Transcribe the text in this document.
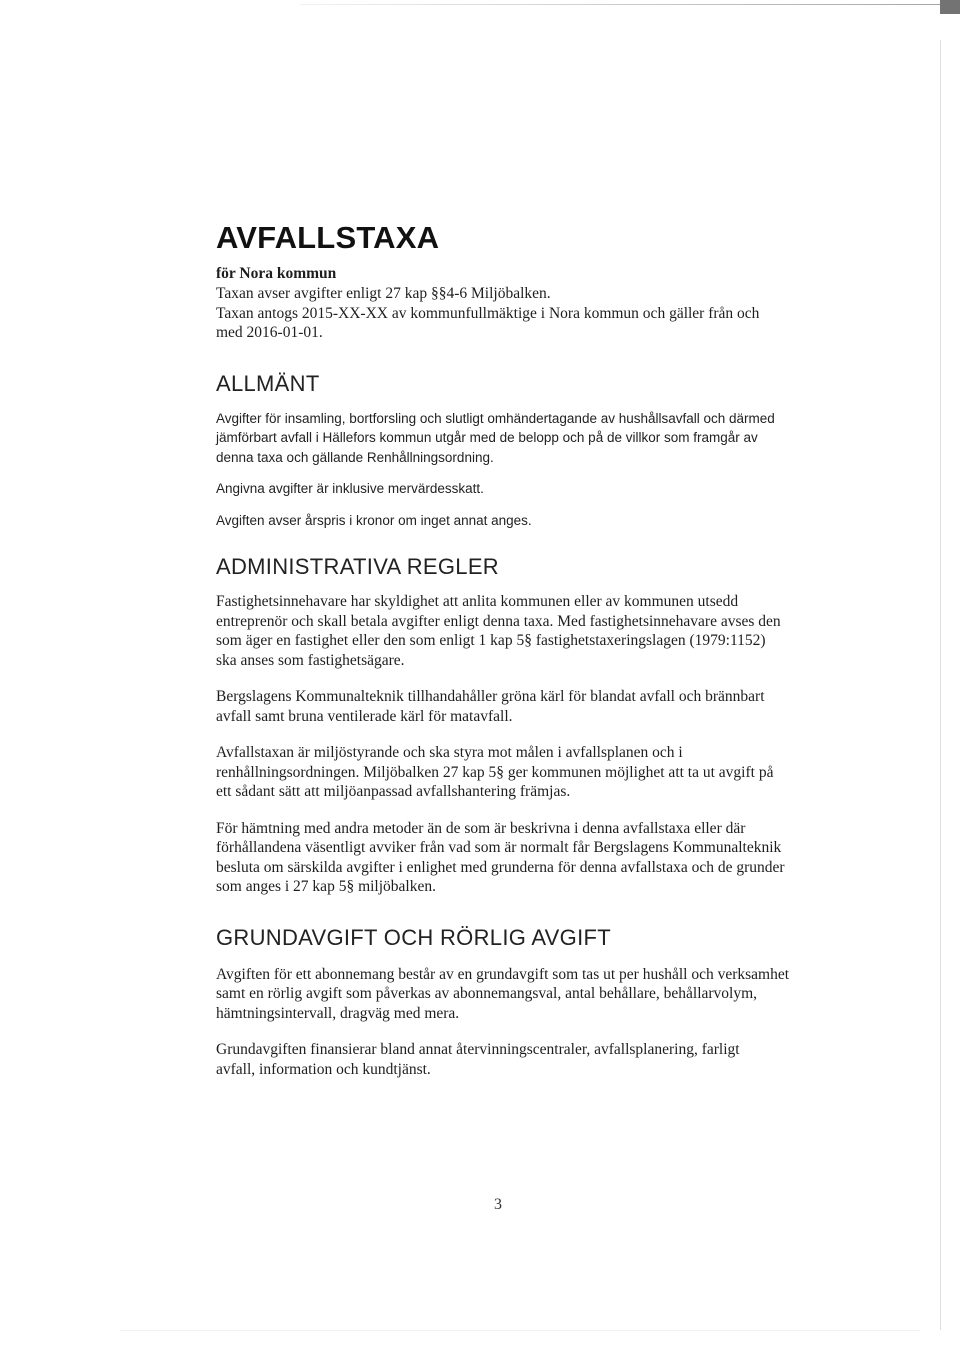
AVFALLSTAXA

för Nora kommun

Taxan avser avgifter enligt 27 kap §§4-6 Miljöbalken.

Taxan antogs 2015-XX-XX av kommunfullmäktige i Nora kommun och gäller från och med 2016-01-01.

ALLMÄNT

Avgifter för insamling, bortforsling och slutligt omhändertagande av hushållsavfall och därmed jämförbart avfall i Hällefors kommun utgår med de belopp och på de villkor som framgår av denna taxa och gällande Renhållningsordning.

Angivna avgifter är inklusive mervärdesskatt.

Avgiften avser årspris i kronor om inget annat anges.

ADMINISTRATIVA REGLER

Fastighetsinnehavare har skyldighet att anlita kommunen eller av kommunen utsedd entreprenör och skall betala avgifter enligt denna taxa. Med fastighetsinnehavare avses den som äger en fastighet eller den som enligt 1 kap 5§ fastighetstaxeringslagen (1979:1152) ska anses som fastighetsägare.

Bergslagens Kommunalteknik tillhandahåller gröna kärl för blandat avfall och brännbart avfall samt bruna ventilerade kärl för matavfall.

Avfallstaxan är miljöstyrande och ska styra mot målen i avfallsplanen och i renhållningsordningen. Miljöbalken 27 kap 5§ ger kommunen möjlighet att ta ut avgift på ett sådant sätt att miljöanpassad avfallshantering främjas.

För hämtning med andra metoder än de som är beskrivna i denna avfallstaxa eller där förhållandena väsentligt avviker från vad som är normalt får Bergslagens Kommunalteknik besluta om särskilda avgifter i enlighet med grunderna för denna avfallstaxa och de grunder som anges i 27 kap 5§ miljöbalken.

GRUNDAVGIFT OCH RÖRLIG AVGIFT

Avgiften för ett abonnemang består av en grundavgift som tas ut per hushåll och verksamhet samt en rörlig avgift som påverkas av abonnemangsval, antal behållare, behållarvolym, hämtningsintervall, dragväg med mera.

Grundavgiften finansierar bland annat återvinningscentraler, avfallsplanering, farligt avfall, information och kundtjänst.

3
